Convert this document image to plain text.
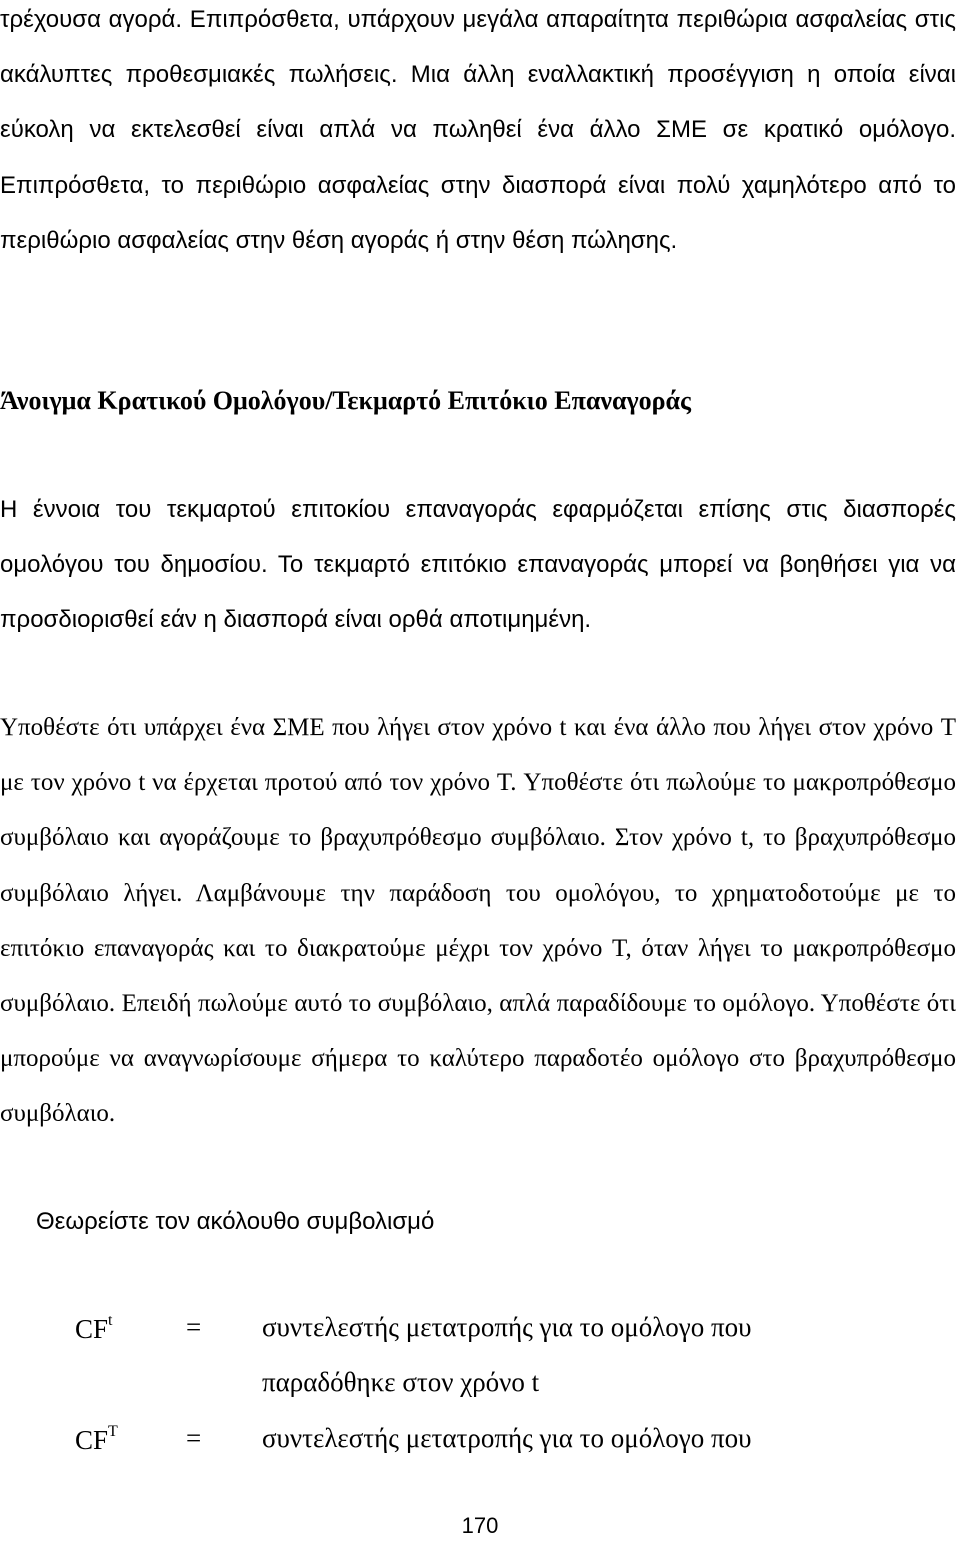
τρέχουσα αγορά. Επιπρόσθετα, υπάρχουν μεγάλα απαραίτητα περιθώρια ασφαλείας στις ακάλυπτες προθεσμιακές πωλήσεις. Μια άλλη εναλλακτική προσέγγιση η οποία είναι εύκολη να εκτελεσθεί είναι απλά να πωληθεί ένα άλλο ΣΜΕ σε κρατικό ομόλογο. Επιπρόσθετα, το περιθώριο ασφαλείας στην διασπορά είναι πολύ χαμηλότερο από το περιθώριο ασφαλείας στην θέση αγοράς ή στην θέση πώλησης.

Άνοιγμα Κρατικού Ομολόγου/Τεκμαρτό Επιτόκιο Επαναγοράς

Η έννοια του τεκμαρτού επιτοκίου επαναγοράς εφαρμόζεται επίσης στις διασπορές ομολόγου του δημοσίου. Το τεκμαρτό επιτόκιο επαναγοράς μπορεί να βοηθήσει για να προσδιορισθεί εάν η διασπορά είναι ορθά αποτιμημένη.

Υποθέστε ότι υπάρχει ένα ΣΜΕ που λήγει στον χρόνο t και ένα άλλο που λήγει στον χρόνο T με τον χρόνο t να έρχεται προτού από τον χρόνο T. Υποθέστε ότι πωλούμε το μακροπρόθεσμο συμβόλαιο και αγοράζουμε το βραχυπρόθεσμο συμβόλαιο. Στον χρόνο t, το βραχυπρόθεσμο συμβόλαιο λήγει. Λαμβάνουμε την παράδοση του ομολόγου, το χρηματοδοτούμε με το επιτόκιο επαναγοράς και το διακρατούμε μέχρι τον χρόνο T, όταν λήγει το μακροπρόθεσμο συμβόλαιο. Επειδή πωλούμε αυτό το συμβόλαιο, απλά παραδίδουμε το ομόλογο. Υποθέστε ότι μπορούμε να αναγνωρίσουμε σήμερα το καλύτερο παραδοτέο ομόλογο στο βραχυπρόθεσμο συμβόλαιο.

Θεωρείστε τον ακόλουθο συμβολισμό

$CF^t$	= συντελεστής μετατροπής για το ομόλογο που
παραδόθηκε στον χρόνο t
$CF^T$	= συντελεστής μετατροπής για το ομόλογο που
170
